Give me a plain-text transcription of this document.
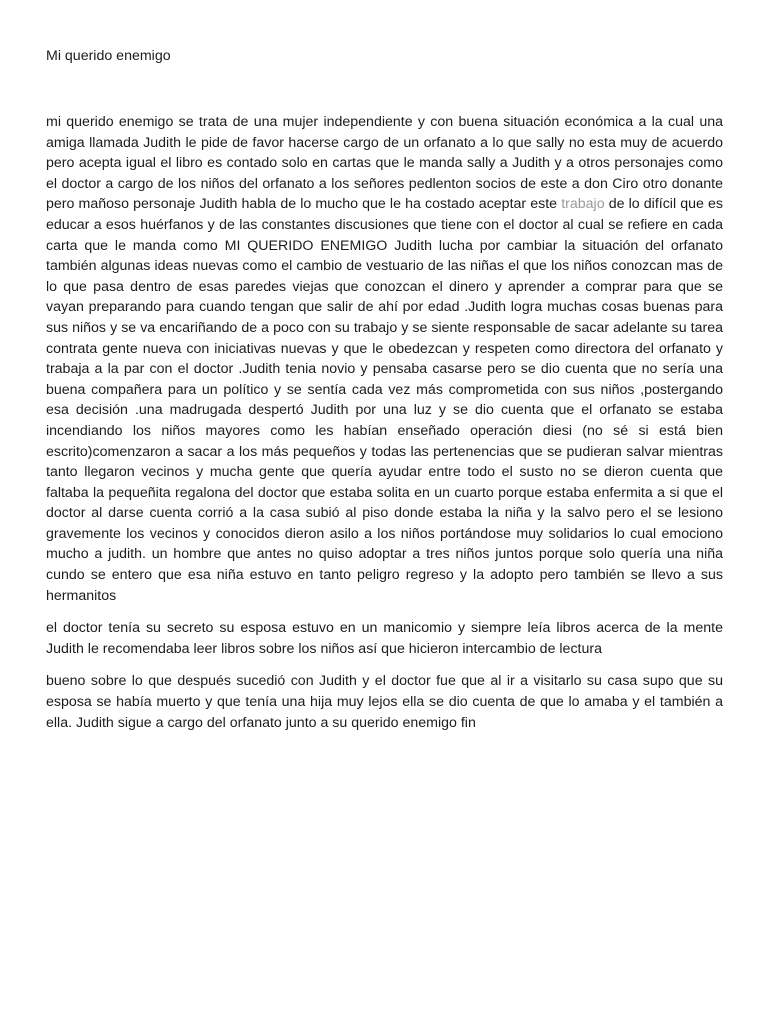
Mi querido enemigo

mi querido enemigo se trata de una mujer independiente y con buena situación económica a la cual una amiga llamada Judith le pide de favor hacerse cargo de un orfanato a lo que sally no esta muy de acuerdo pero acepta igual el libro es contado solo en cartas que le manda sally a Judith y a otros personajes como el doctor a cargo de los niños del orfanato a los señores pedlenton socios de este a don Ciro otro donante pero mañoso personaje Judith habla de lo mucho que le ha costado aceptar este trabajo de lo difícil que es educar a esos huérfanos y de las constantes discusiones que tiene con el doctor al cual se refiere en cada carta que le manda como MI QUERIDO ENEMIGO Judith lucha por cambiar la situación del orfanato también algunas ideas nuevas como el cambio de vestuario de las niñas el que los niños conozcan mas de lo que pasa dentro de esas paredes viejas que conozcan el dinero y aprender a comprar para que se vayan preparando para cuando tengan que salir de ahí por edad .Judith logra muchas cosas buenas para sus niños y se va encariñando de a poco con su trabajo y se siente responsable de sacar adelante su tarea contrata gente nueva con iniciativas nuevas y que le obedezcan y respeten como directora del orfanato y trabaja a la par con el doctor .Judith tenia novio y pensaba casarse pero se dio cuenta que no sería una buena compañera para un político y se sentía cada vez más comprometida con sus niños ,postergando esa decisión .una madrugada despertó Judith por una luz y se dio cuenta que el orfanato se estaba incendiando los niños mayores como les habían enseñado operación diesi (no sé si está bien escrito)comenzaron a sacar a los más pequeños y todas las pertenencias que se pudieran salvar mientras tanto llegaron vecinos y mucha gente que quería ayudar entre todo el susto no se dieron cuenta que faltaba la pequeñita regalona del doctor que estaba solita en un cuarto porque estaba enfermita a si que el doctor al darse cuenta corrió a la casa subió al piso donde estaba la niña y la salvo pero el se lesiono gravemente los vecinos y conocidos dieron asilo a los niños portándose muy solidarios lo cual emociono mucho a judith. un hombre que antes no quiso adoptar a tres niños juntos porque solo quería una niña cundo se entero que esa niña estuvo en tanto peligro regreso y la adopto pero también se llevo a sus hermanitos

el doctor tenía su secreto su esposa estuvo en un manicomio y siempre leía libros acerca de la mente Judith le recomendaba leer libros sobre los niños así que hicieron intercambio de lectura

bueno sobre lo que después sucedió con Judith y el doctor fue que al ir a visitarlo su casa supo que su esposa se había muerto y que tenía una hija muy lejos ella se dio cuenta de que lo amaba y el también a ella. Judith sigue a cargo del orfanato junto a su querido enemigo fin
